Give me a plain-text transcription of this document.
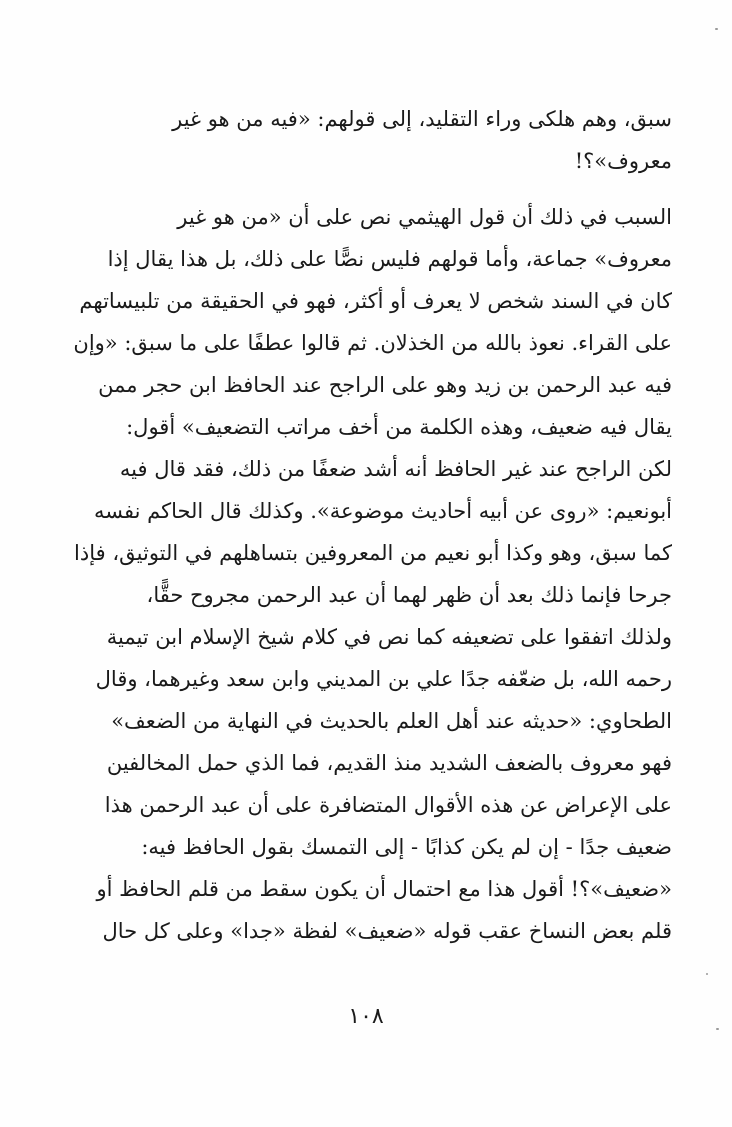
سبق، وهم هلكى وراء التقليد، إلى قولهم: «فيه من هو غير
معروف»؟!
السبب في ذلك أن قول الهيثمي نص على أن «من هو غير
معروف» جماعة، وأما قولهم فليس نصًّا على ذلك، بل هذا يقال إذا
كان في السند شخص لا يعرف أو أكثر، فهو في الحقيقة من تلبيساتهم
على القراء. نعوذ بالله من الخذلان. ثم قالوا عطفًا على ما سبق: «وإن
فيه عبد الرحمن بن زيد وهو على الراجح عند الحافظ ابن حجر ممن
يقال فيه ضعيف، وهذه الكلمة من أخف مراتب التضعيف» أقول:
لكن الراجح عند غير الحافظ أنه أشد ضعفًا من ذلك، فقد قال فيه
أبونعيم: «روى عن أبيه أحاديث موضوعة». وكذلك قال الحاكم نفسه
كما سبق، وهو وكذا أبو نعيم من المعروفين بتساهلهم في التوثيق، فإذا
جرحا فإنما ذلك بعد أن ظهر لهما أن عبد الرحمن مجروح حقًّا،
ولذلك اتفقوا على تضعيفه كما نص في كلام شيخ الإسلام ابن تيمية
رحمه الله، بل ضعّفه جدًا علي بن المديني وابن سعد وغيرهما، وقال
الطحاوي: «حديثه عند أهل العلم بالحديث في النهاية من الضعف»
فهو معروف بالضعف الشديد منذ القديم، فما الذي حمل المخالفين
على الإعراض عن هذه الأقوال المتضافرة على أن عبد الرحمن هذا
ضعيف جدًا - إن لم يكن كذابًا - إلى التمسك بقول الحافظ فيه:
«ضعيف»؟! أقول هذا مع احتمال أن يكون سقط من قلم الحافظ أو
قلم بعض النساخ عقب قوله «ضعيف» لفظة «جدا» وعلى كل حال
١٠٨
